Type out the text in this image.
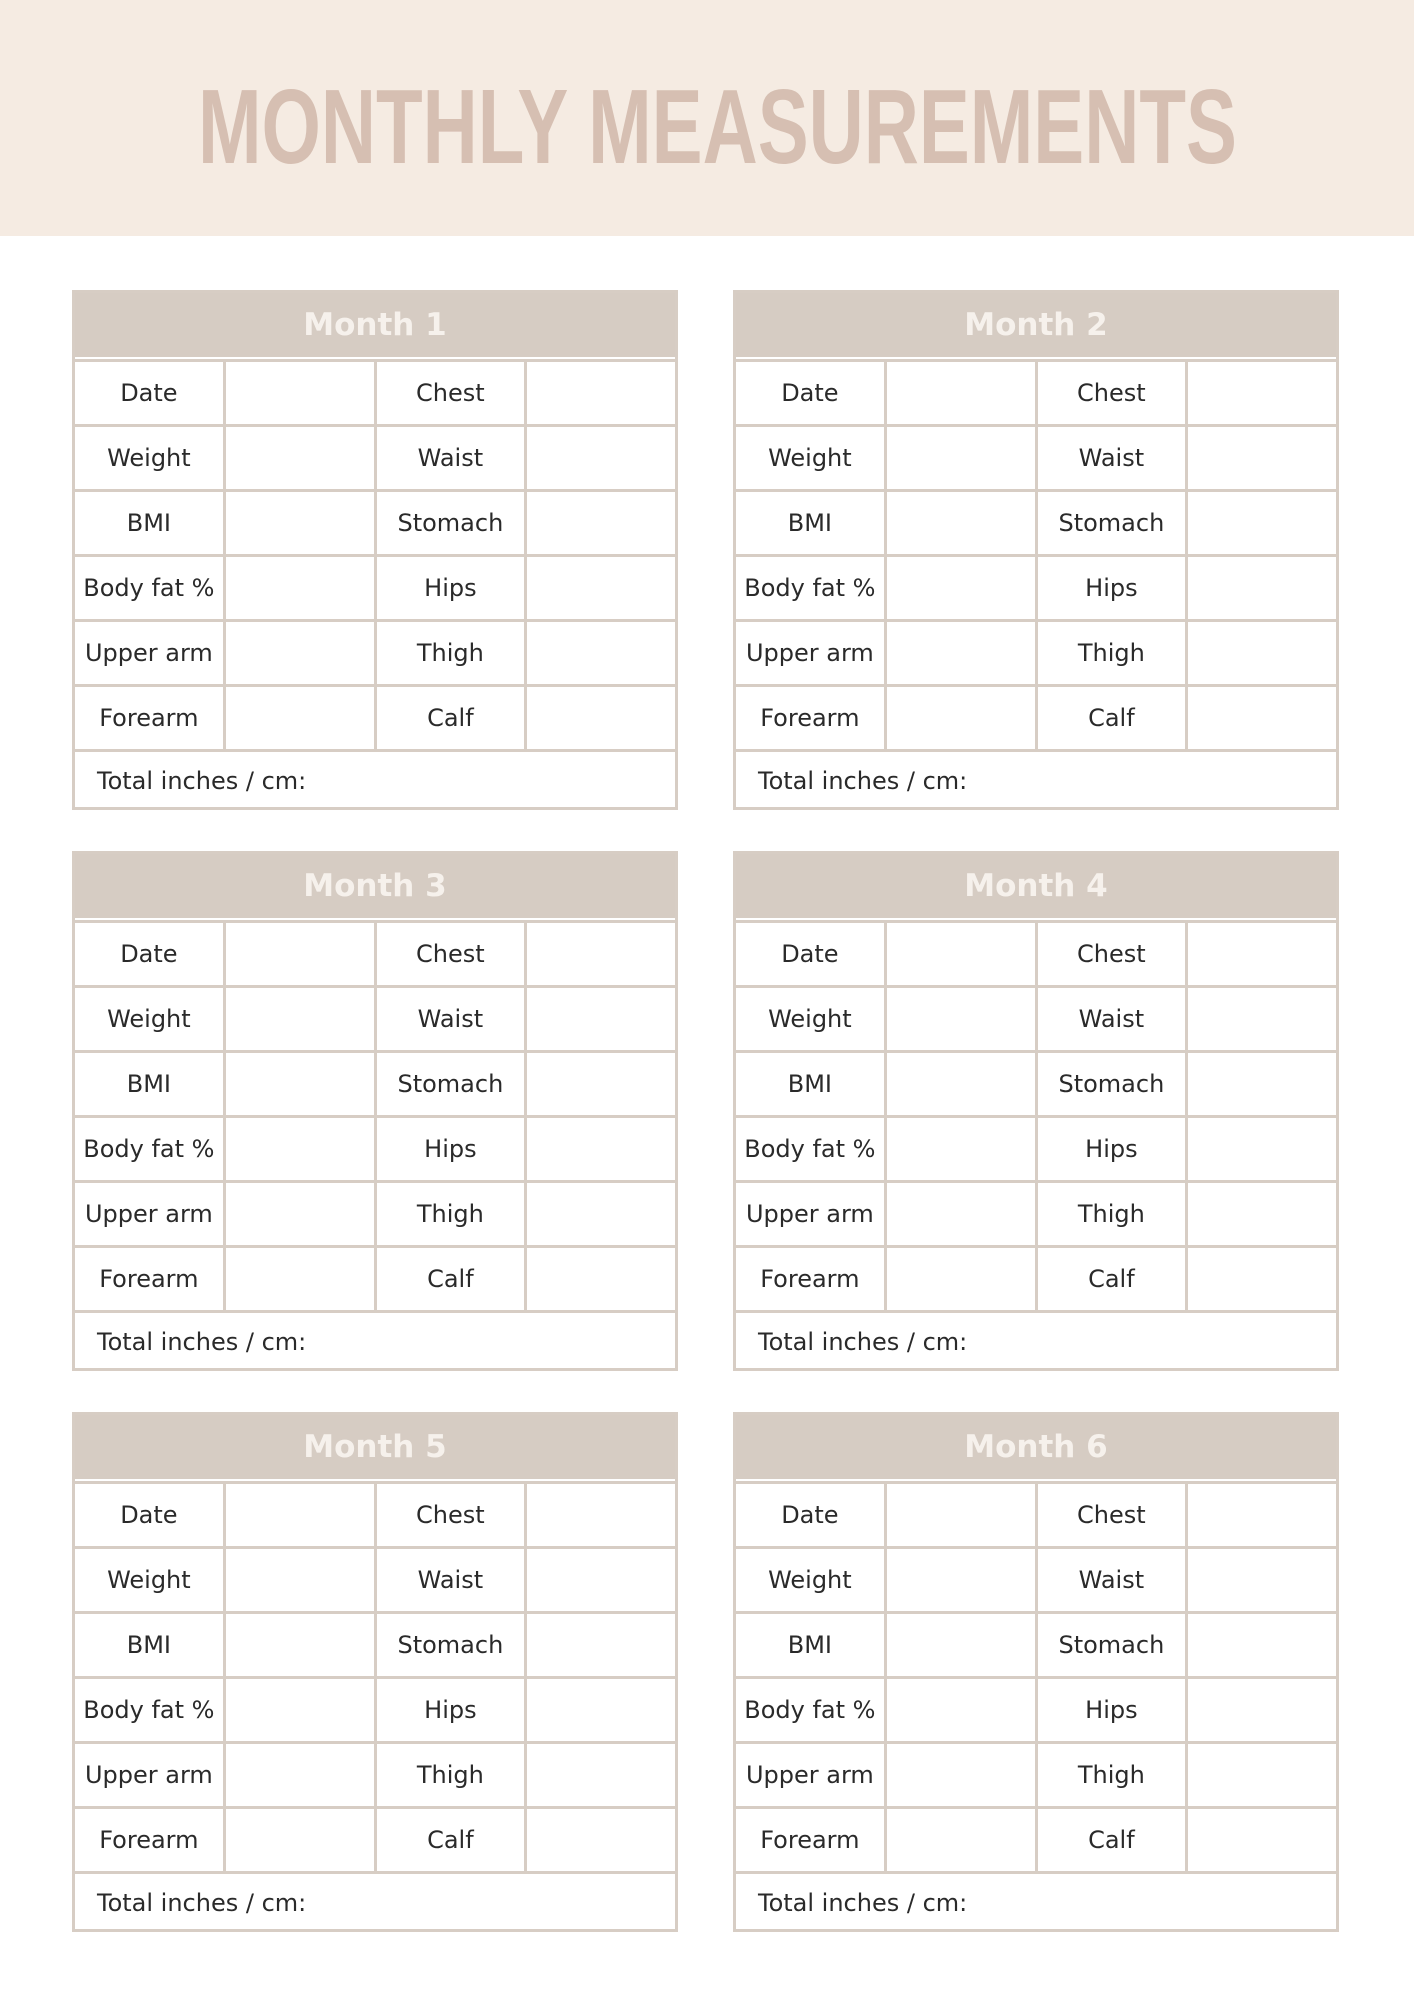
MONTHLY MEASUREMENTS
Month 1
Date	Chest
Weight	Waist
BMI	Stomach
Body fat %	Hips
Upper arm	Thigh
Forearm	Calf
Total inches / cm:
Month 2
Date	Chest
Weight	Waist
BMI	Stomach
Body fat %	Hips
Upper arm	Thigh
Forearm	Calf
Total inches / cm:
Month 3
Date	Chest
Weight	Waist
BMI	Stomach
Body fat %	Hips
Upper arm	Thigh
Forearm	Calf
Total inches / cm:
Month 4
Date	Chest
Weight	Waist
BMI	Stomach
Body fat %	Hips
Upper arm	Thigh
Forearm	Calf
Total inches / cm:
Month 5
Date	Chest
Weight	Waist
BMI	Stomach
Body fat %	Hips
Upper arm	Thigh
Forearm	Calf
Total inches / cm:
Month 6
Date	Chest
Weight	Waist
BMI	Stomach
Body fat %	Hips
Upper arm	Thigh
Forearm	Calf
Total inches / cm:
